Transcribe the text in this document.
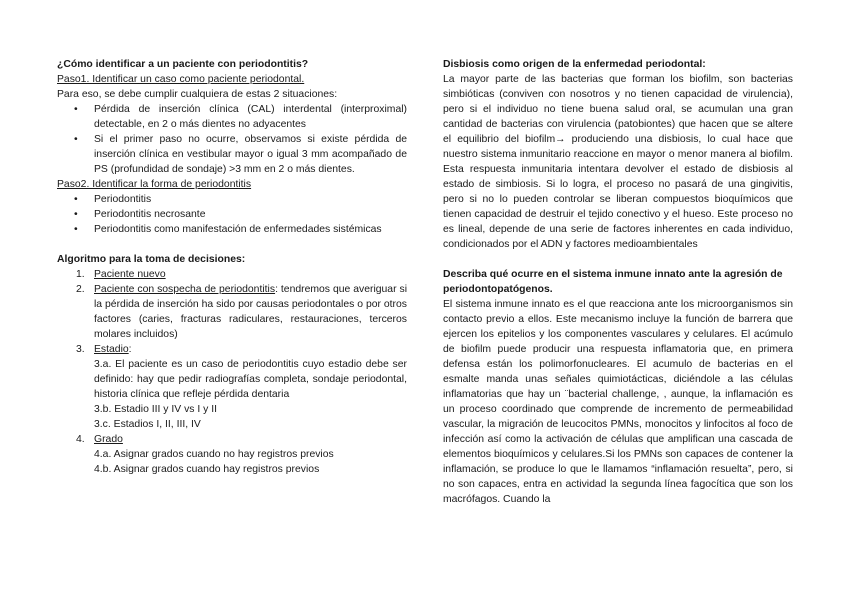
¿Cómo identificar a un paciente con periodontitis?

Paso1. Identificar un caso como paciente periodontal.

Para eso, se debe cumplir cualquiera de estas 2 situaciones:

• Pérdida de inserción clínica (CAL) interdental (interproximal) detectable, en 2 o más dientes no adyacentes
• Si el primer paso no ocurre, observamos si existe pérdida de inserción clínica en vestibular mayor o igual 3 mm acompañado de PS (profundidad de sondaje) >3 mm en 2 o más dientes.

Paso2. Identificar la forma de periodontitis

• Periodontitis
• Periodontitis necrosante
• Periodontitis como manifestación de enfermedades sistémicas

Algoritmo para la toma de decisiones:

1. Paciente nuevo
2. Paciente con sospecha de periodontitis: tendremos que averiguar si la pérdida de inserción ha sido por causas periodontales o por otros factores (caries, fracturas radiculares, restauraciones, terceros molares incluidos)
3. Estadio:

3.a. El paciente es un caso de periodontitis cuyo estadio debe ser definido: hay que pedir radiografías completa, sondaje periodontal, historia clínica que refleje pérdida dentaria

3.b. Estadio III y IV vs I y II

3.c. Estadios I, II, III, IV

4. Grado

4.a. Asignar grados cuando no hay registros previos

4.b. Asignar grados cuando hay registros previos

Disbiosis como origen de la enfermedad periodontal:

La mayor parte de las bacterias que forman los biofilm, son bacterias simbióticas (conviven con nosotros y no tienen capacidad de virulencia), pero si el individuo no tiene buena salud oral, se acumulan una gran cantidad de bacterias con virulencia (patobiontes) que hacen que se altere el equilibrio del biofilm→ produciendo una disbiosis, lo cual hace que nuestro sistema inmunitario reaccione en mayor o menor manera al biofilm. Esta respuesta inmunitaria intentara devolver el estado de disbiosis al estado de simbiosis. Si lo logra, el proceso no pasará de una gingivitis, pero si no lo pueden controlar se liberan compuestos bioquímicos que tienen capacidad de destruir el tejido conectivo y el hueso. Este proceso no es lineal, depende de una serie de factores inherentes en cada individuo, condicionados por el ADN y factores medioambientales

Describa qué ocurre en el sistema inmune innato ante la agresión de periodontopatógenos.

El sistema inmune innato es el que reacciona ante los microorganismos sin contacto previo a ellos. Este mecanismo incluye la función de barrera que ejercen los epitelios y los componentes vasculares y celulares. El acúmulo de biofilm puede producir una respuesta inflamatoria que, en primera defensa están los polimorfonucleares. El acumulo de bacterias en el esmalte manda unas señales quimiotácticas, diciéndole a las células inflamatorias que hay un ¨bacterial challenge, , aunque, la inflamación es un proceso coordinado que comprende de incremento de permeabilidad vascular, la migración de leucocitos PMNs, monocitos y linfocitos al foco de infección así como la activación de células que amplifican una cascada de elementos bioquímicos y celulares.Si los PMNs son capaces de contener la inflamación, se produce lo que le llamamos “inflamación resuelta”, pero, si no son capaces, entra en actividad la segunda línea fagocítica que son los macrófagos. Cuando la
